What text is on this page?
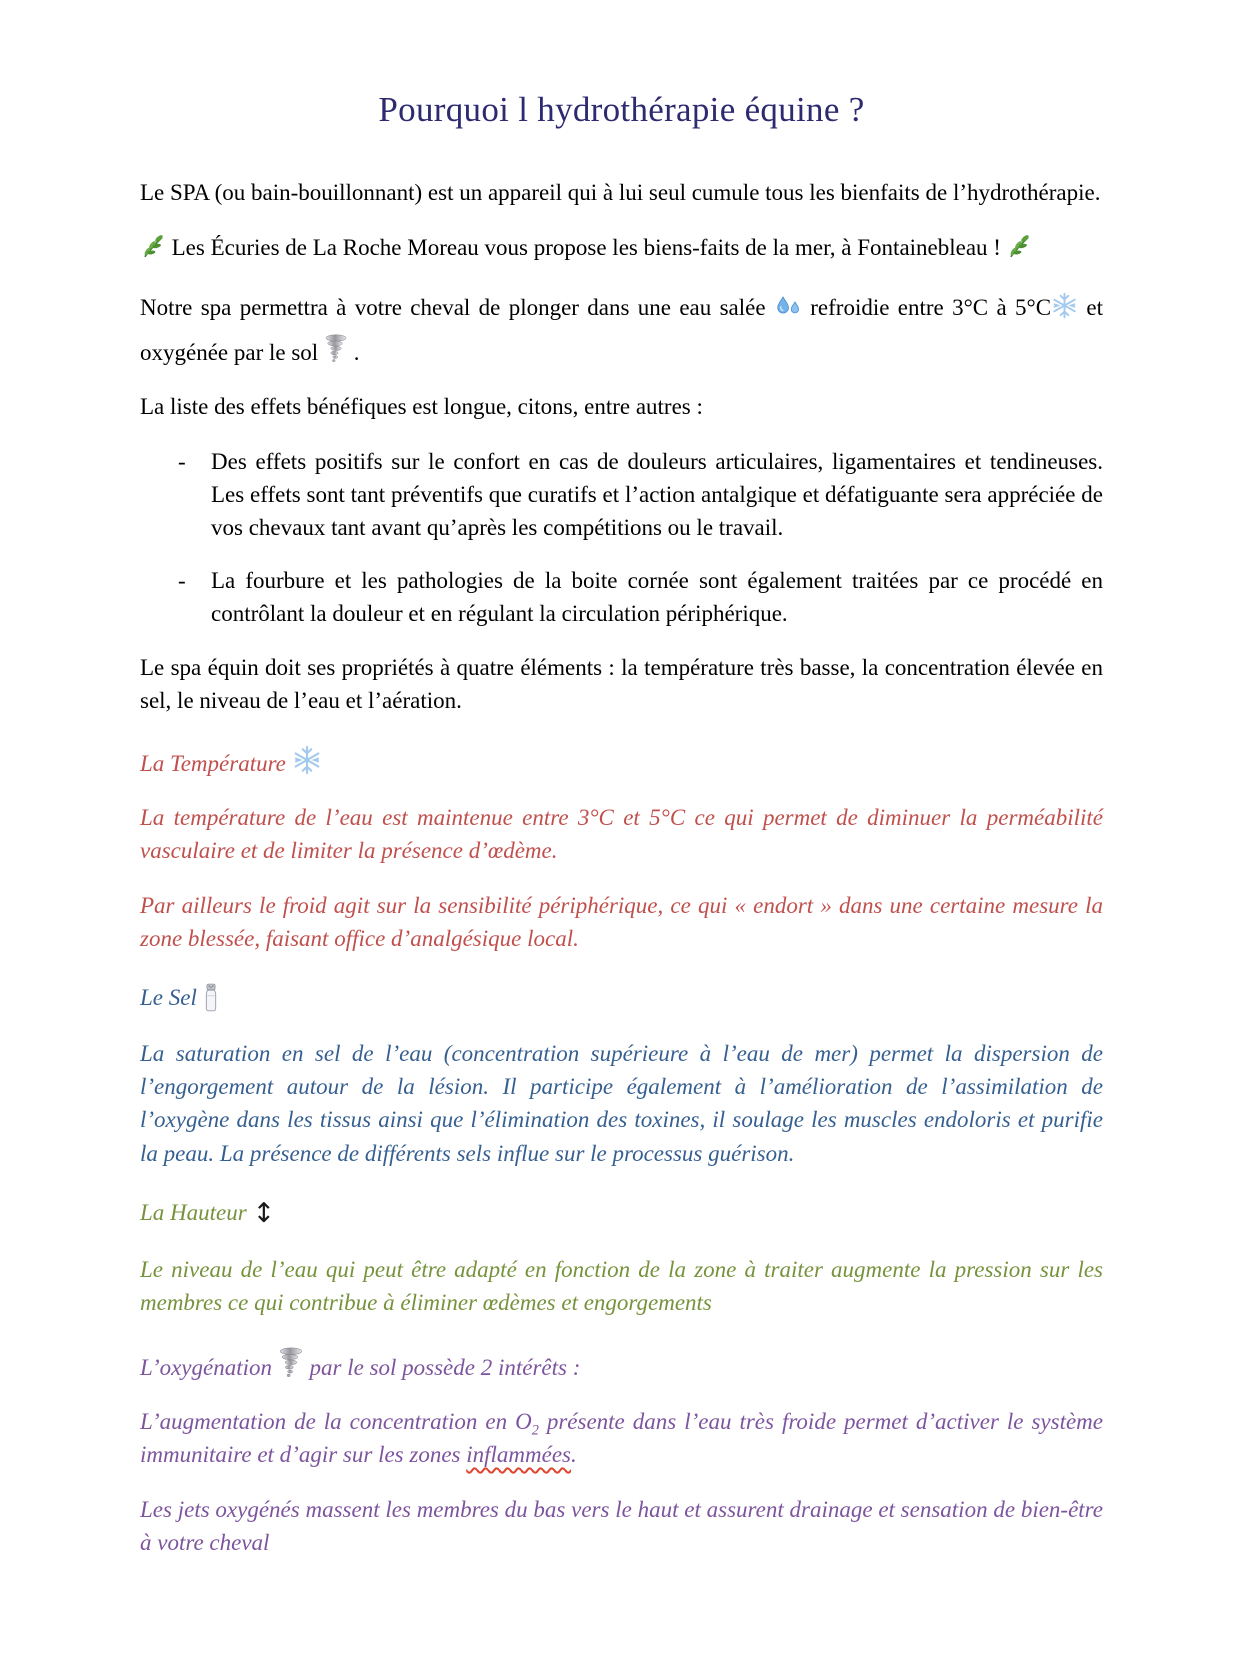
Pourquoi l hydrothérapie équine ?

Le SPA (ou bain-bouillonnant) est un appareil qui à lui seul cumule tous les bienfaits de l’hydrothérapie.

 Les Écuries de La Roche Moreau vous propose les biens-faits de la mer, à Fontainebleau ! 

Notre spa permettra à votre cheval de plonger dans une eau salée refroidie entre 3°C à 5°C et oxygénée par le sol .

La liste des effets bénéfiques est longue, citons, entre autres :

- Des effets positifs sur le confort en cas de douleurs articulaires, ligamentaires et tendineuses. Les effets sont tant préventifs que curatifs et l’action antalgique et défatiguante sera appréciée de vos chevaux tant avant qu’après les compétitions ou le travail.
- La fourbure et les pathologies de la boite cornée sont également traitées par ce procédé en contrôlant la douleur et en régulant la circulation périphérique.

Le spa équin doit ses propriétés à quatre éléments : la température très basse, la concentration élevée en sel, le niveau de l’eau et l’aération.

La Température

La température de l’eau est maintenue entre 3°C et 5°C ce qui permet de diminuer la perméabilité vasculaire et de limiter la présence d’œdème.

Par ailleurs le froid agit sur la sensibilité périphérique, ce qui « endort » dans une certaine mesure la zone blessée, faisant office d’analgésique local.

Le Sel

La saturation en sel de l’eau (concentration supérieure à l’eau de mer) permet la dispersion de l’engorgement autour de la lésion. Il participe également à l’amélioration de l’assimilation de l’oxygène dans les tissus ainsi que l’élimination des toxines, il soulage les muscles endoloris et purifie la peau. La présence de différents sels influe sur le processus guérison.

La Hauteur ↕

Le niveau de l’eau qui peut être adapté en fonction de la zone à traiter augmente la pression sur les membres ce qui contribue à éliminer œdèmes et engorgements

L’oxygénation par le sol possède 2 intérêts :

L’augmentation de la concentration en $O_2$ présente dans l’eau très froide permet d’activer le système immunitaire et d’agir sur les zones inflammées.

Les jets oxygénés massent les membres du bas vers le haut et assurent drainage et sensation de bien-être à votre cheval
